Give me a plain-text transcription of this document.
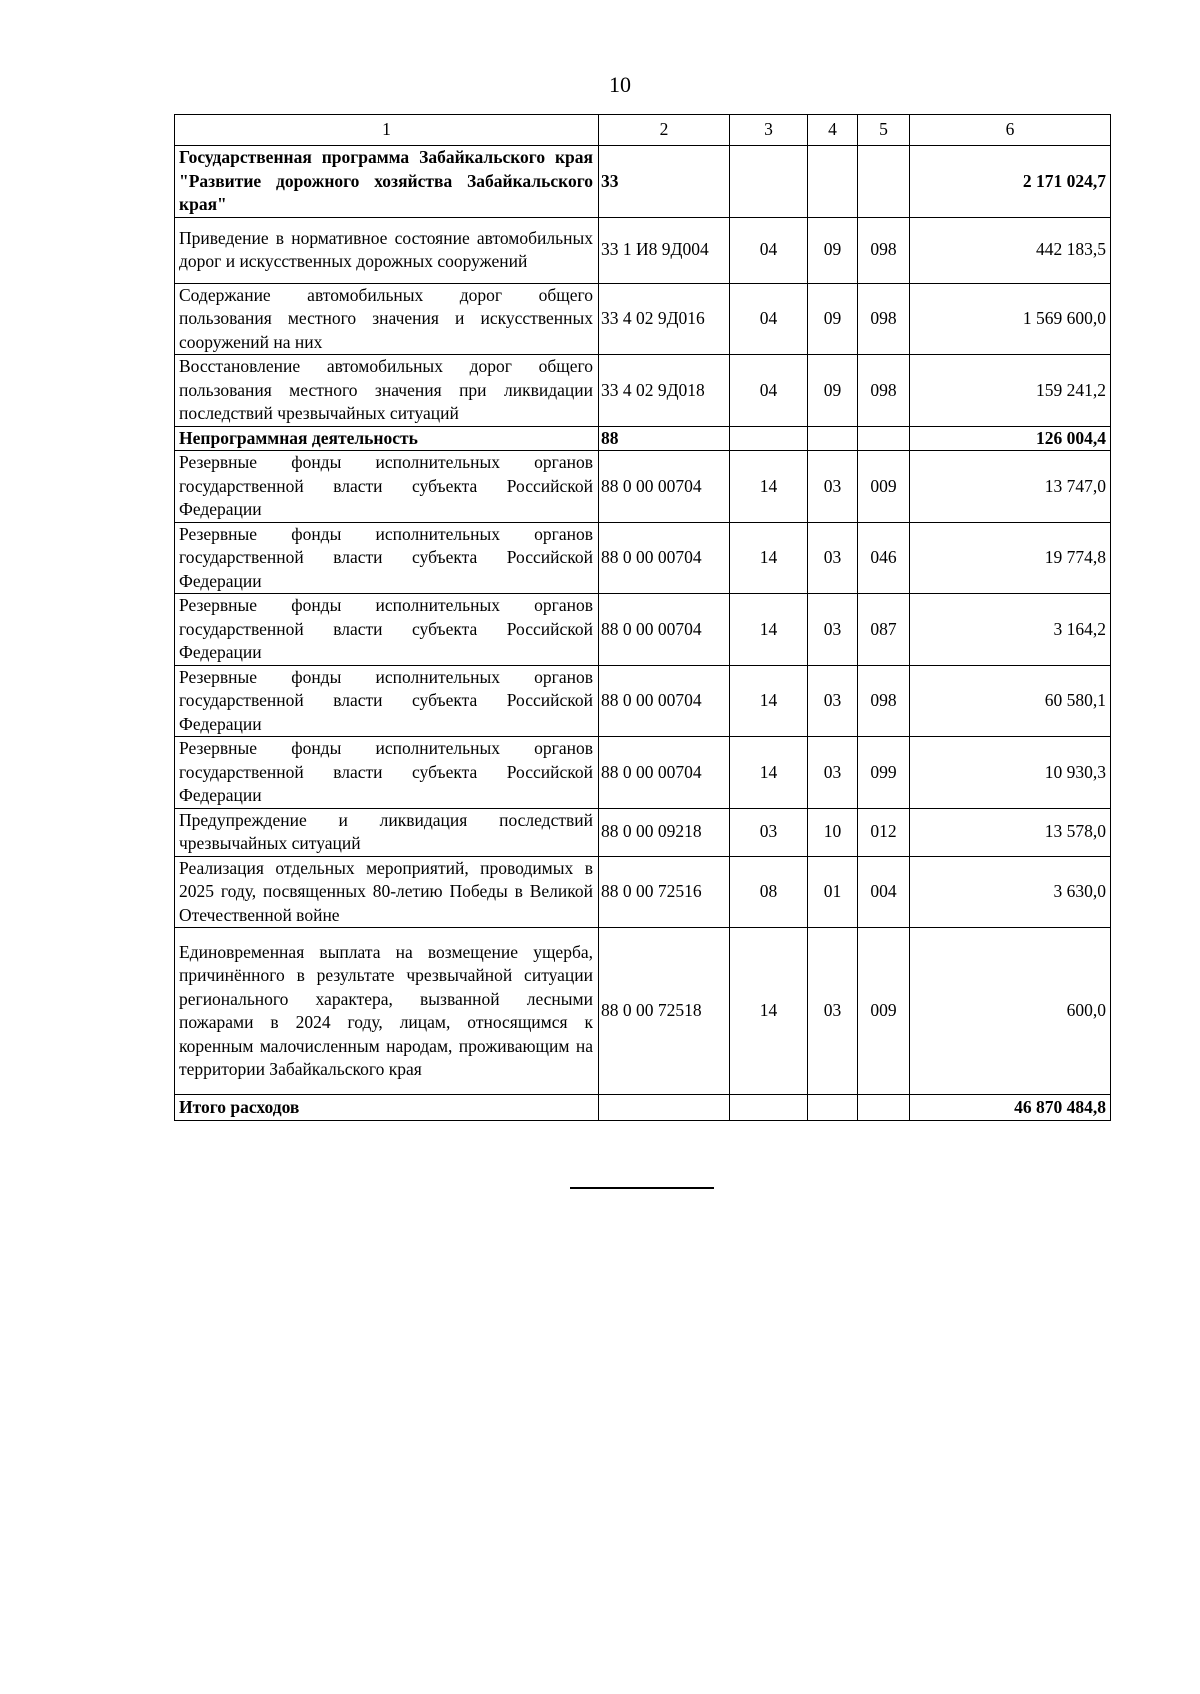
10
1	2	3	4	5	6
Государственная программа Забайкальского края "Развитие дорожного хозяйства Забайкальского края"	33				2 171 024,7
Приведение в нормативное состояние автомобильных дорог и искусственных дорожных сооружений	33 1 И8 9Д004	04	09	098	442 183,5
Содержание автомобильных дорог общего пользования местного значения и искусственных сооружений на них	33 4 02 9Д016	04	09	098	1 569 600,0
Восстановление автомобильных дорог общего пользования местного значения при ликвидации последствий чрезвычайных ситуаций	33 4 02 9Д018	04	09	098	159 241,2
Непрограммная деятельность	88				126 004,4
Резервные фонды исполнительных органов государственной власти субъекта Российской Федерации	88 0 00 00704	14	03	009	13 747,0
Резервные фонды исполнительных органов государственной власти субъекта Российской Федерации	88 0 00 00704	14	03	046	19 774,8
Резервные фонды исполнительных органов государственной власти субъекта Российской Федерации	88 0 00 00704	14	03	087	3 164,2
Резервные фонды исполнительных органов государственной власти субъекта Российской Федерации	88 0 00 00704	14	03	098	60 580,1
Резервные фонды исполнительных органов государственной власти субъекта Российской Федерации	88 0 00 00704	14	03	099	10 930,3
Предупреждение и ликвидация последствий чрезвычайных ситуаций	88 0 00 09218	03	10	012	13 578,0
Реализация отдельных мероприятий, проводимых в 2025 году, посвященных 80-летию Победы в Великой Отечественной войне	88 0 00 72516	08	01	004	3 630,0
Единовременная выплата на возмещение ущерба, причинённого в результате чрезвычайной ситуации регионального характера, вызванной лесными пожарами в 2024 году, лицам, относящимся к коренным малочисленным народам, проживающим на территории Забайкальского края	88 0 00 72518	14	03	009	600,0
Итого расходов					46 870 484,8
